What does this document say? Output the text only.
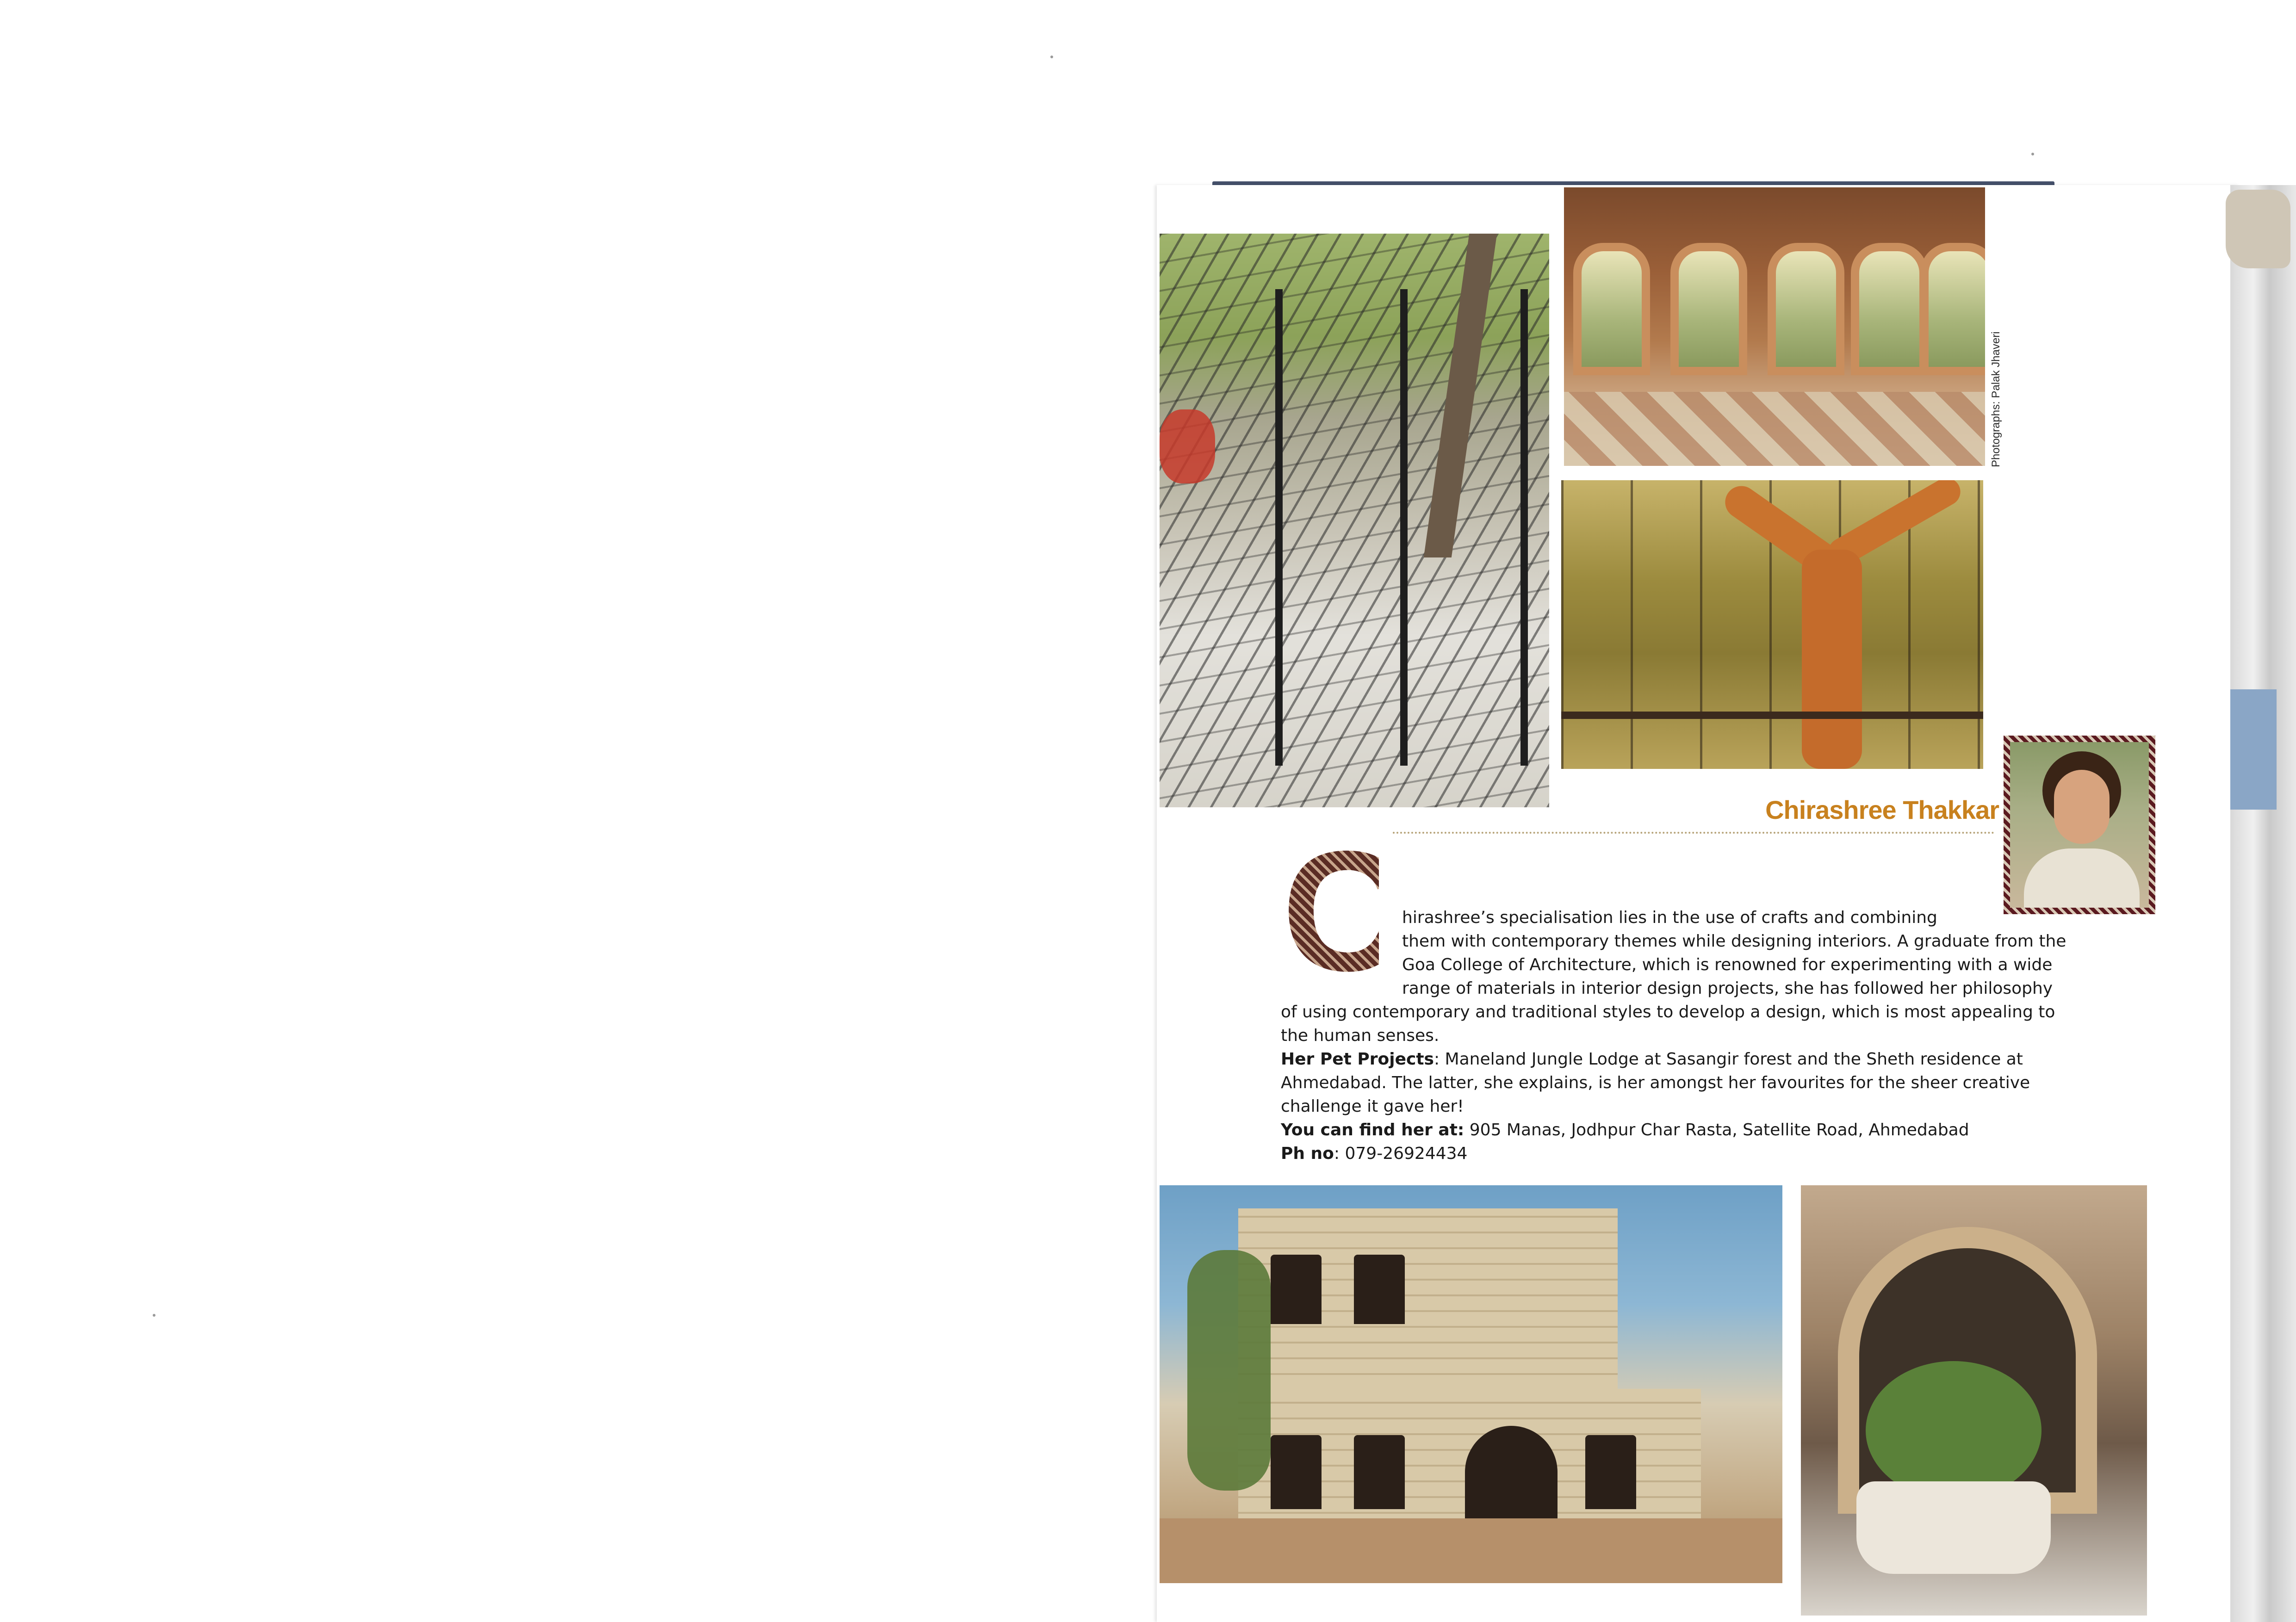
Photographs: Palak Jhaveri
Chirashree Thakkar
C
hirashree’s specialisation lies in the use of crafts and combining
them with contemporary themes while designing interiors. A graduate from the
Goa College of Architecture, which is renowned for experimenting with a wide
range of materials in interior design projects, she has followed her philosophy
of using contemporary and traditional styles to develop a design, which is most appealing to
the human senses.
Her Pet Projects: Maneland Jungle Lodge at Sasangir forest and the Sheth residence at
Ahmedabad. The latter, she explains, is her amongst her favourites for the sheer creative
challenge it gave her!
You can find her at: 905 Manas, Jodhpur Char Rasta, Satellite Road, Ahmedabad
Ph no: 079-26924434
